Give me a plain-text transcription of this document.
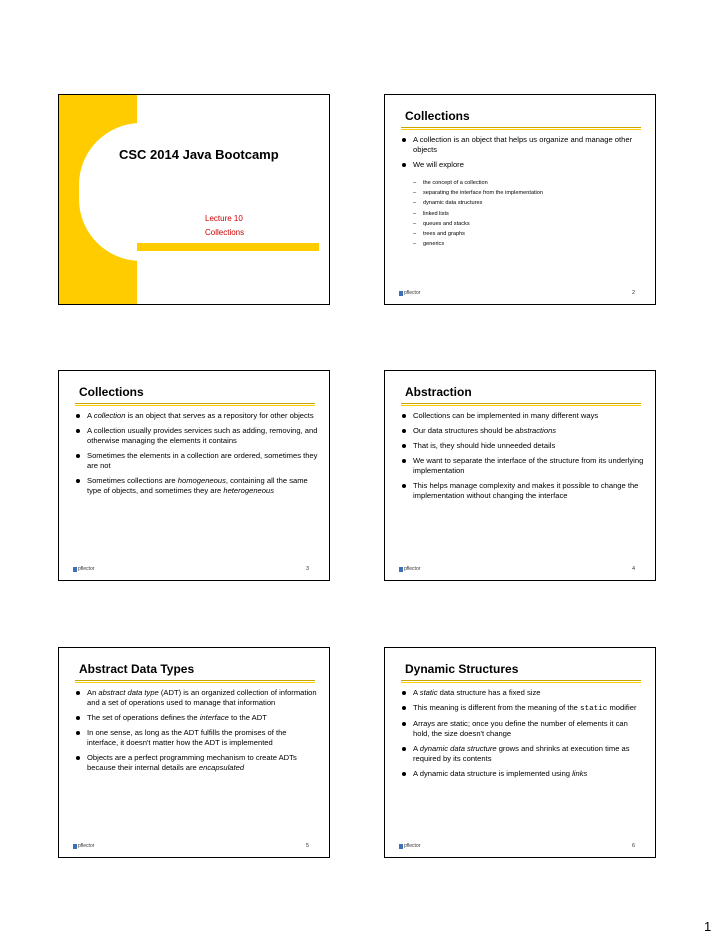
CSC 2014 Java Bootcamp
Lecture 10
Collections
Collections
A collection is an object that helps us organize and manage other objects
We will explore
– the concept of a collection
– separating the interface from the implementation
– dynamic data structures
– linked lists
– queues and stacks
– trees and graphs
– generics
pflector	2
Collections
A collection is an object that serves as a repository for other objects
A collection usually provides services such as adding, removing, and otherwise managing the elements it contains
Sometimes the elements in a collection are ordered, sometimes they are not
Sometimes collections are homogeneous, containing all the same type of objects, and sometimes they are heterogeneous
pflector	3
Abstraction
Collections can be implemented in many different ways
Our data structures should be abstractions
That is, they should hide unneeded details
We want to separate the interface of the structure from its underlying implementation
This helps manage complexity and makes it possible to change the implementation without changing the interface
pflector	4
Abstract Data Types
An abstract data type (ADT) is an organized collection of information and a set of operations used to manage that information
The set of operations defines the interface to the ADT
In one sense, as long as the ADT fulfills the promises of the interface, it doesn't matter how the ADT is implemented
Objects are a perfect programming mechanism to create ADTs because their internal details are encapsulated
pflector	5
Dynamic Structures
A static data structure has a fixed size
This meaning is different from the meaning of the static modifier
Arrays are static; once you define the number of elements it can hold, the size doesn't change
A dynamic data structure grows and shrinks at execution time as required by its contents
A dynamic data structure is implemented using links
pflector	6
1
